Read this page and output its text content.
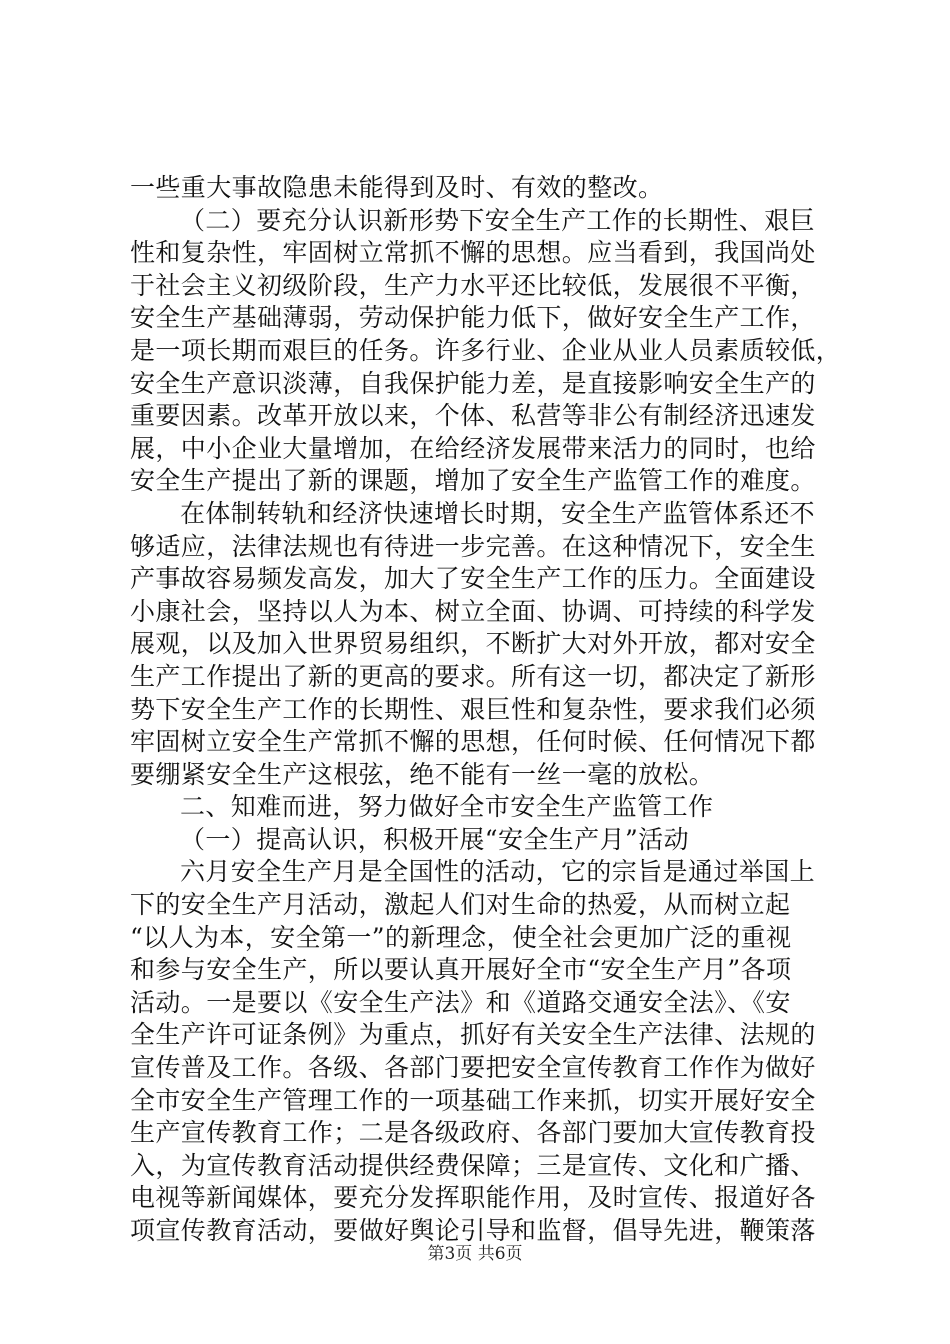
一些重大事故隐患未能得到及时、有效的整改。
（二）要充分认识新形势下安全生产工作的长期性、艰巨
性和复杂性，牢固树立常抓不懈的思想。应当看到，我国尚处
于社会主义初级阶段，生产力水平还比较低，发展很不平衡，
安全生产基础薄弱，劳动保护能力低下，做好安全生产工作，
是一项长期而艰巨的任务。许多行业、企业从业人员素质较低，
安全生产意识淡薄，自我保护能力差，是直接影响安全生产的
重要因素。改革开放以来，个体、私营等非公有制经济迅速发
展，中小企业大量增加，在给经济发展带来活力的同时，也给
安全生产提出了新的课题，增加了安全生产监管工作的难度。
在体制转轨和经济快速增长时期，安全生产监管体系还不
够适应，法律法规也有待进一步完善。在这种情况下，安全生
产事故容易频发高发，加大了安全生产工作的压力。全面建设
小康社会，坚持以人为本、树立全面、协调、可持续的科学发
展观，以及加入世界贸易组织，不断扩大对外开放，都对安全
生产工作提出了新的更高的要求。所有这一切，都决定了新形
势下安全生产工作的长期性、艰巨性和复杂性，要求我们必须
牢固树立安全生产常抓不懈的思想，任何时候、任何情况下都
要绷紧安全生产这根弦，绝不能有一丝一毫的放松。
二、知难而进，努力做好全市安全生产监管工作
（一）提高认识，积极开展“安全生产月”活动
六月安全生产月是全国性的活动，它的宗旨是通过举国上
下的安全生产月活动，激起人们对生命的热爱，从而树立起
“以人为本，安全第一”的新理念，使全社会更加广泛的重视
和参与安全生产，所以要认真开展好全市“安全生产月”各项
活动。一是要以《安全生产法》和《道路交通安全法》、《安
全生产许可证条例》为重点，抓好有关安全生产法律、法规的
宣传普及工作。各级、各部门要把安全宣传教育工作作为做好
全市安全生产管理工作的一项基础工作来抓，切实开展好安全
生产宣传教育工作；二是各级政府、各部门要加大宣传教育投
入，为宣传教育活动提供经费保障；三是宣传、文化和广播、
电视等新闻媒体，要充分发挥职能作用，及时宣传、报道好各
项宣传教育活动，要做好舆论引导和监督，倡导先进，鞭策落
第3页 共6页
